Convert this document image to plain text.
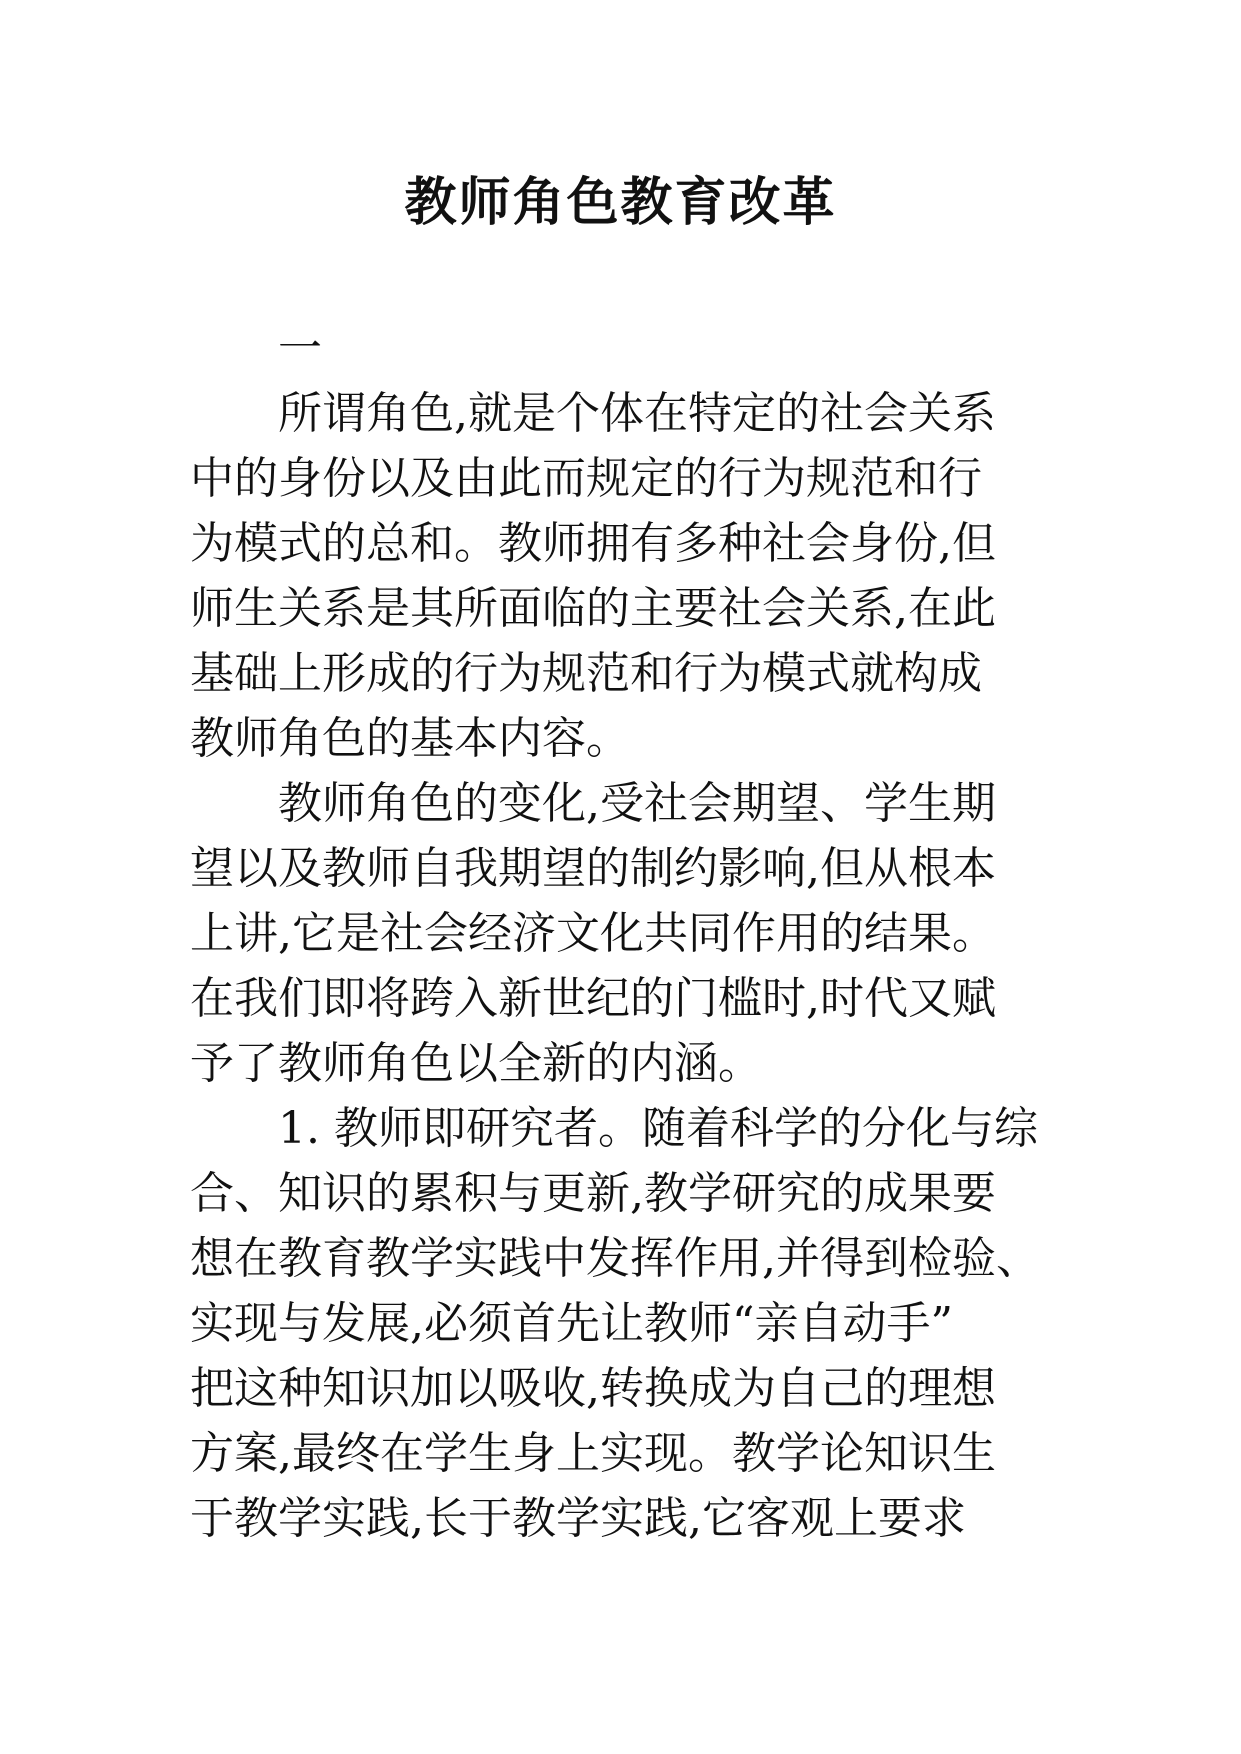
教师角色教育改革
一
所谓角色,就是个体在特定的社会关系
中的身份以及由此而规定的行为规范和行
为模式的总和。教师拥有多种社会身份,但
师生关系是其所面临的主要社会关系,在此
基础上形成的行为规范和行为模式就构成
教师角色的基本内容。
教师角色的变化,受社会期望、学生期
望以及教师自我期望的制约影响,但从根本
上讲,它是社会经济文化共同作用的结果。
在我们即将跨入新世纪的门槛时,时代又赋
予了教师角色以全新的内涵。
1. 教师即研究者。随着科学的分化与综
合、知识的累积与更新,教学研究的成果要
想在教育教学实践中发挥作用,并得到检验、
实现与发展,必须首先让教师“亲自动手”
把这种知识加以吸收,转换成为自己的理想
方案,最终在学生身上实现。教学论知识生
于教学实践,长于教学实践,它客观上要求
